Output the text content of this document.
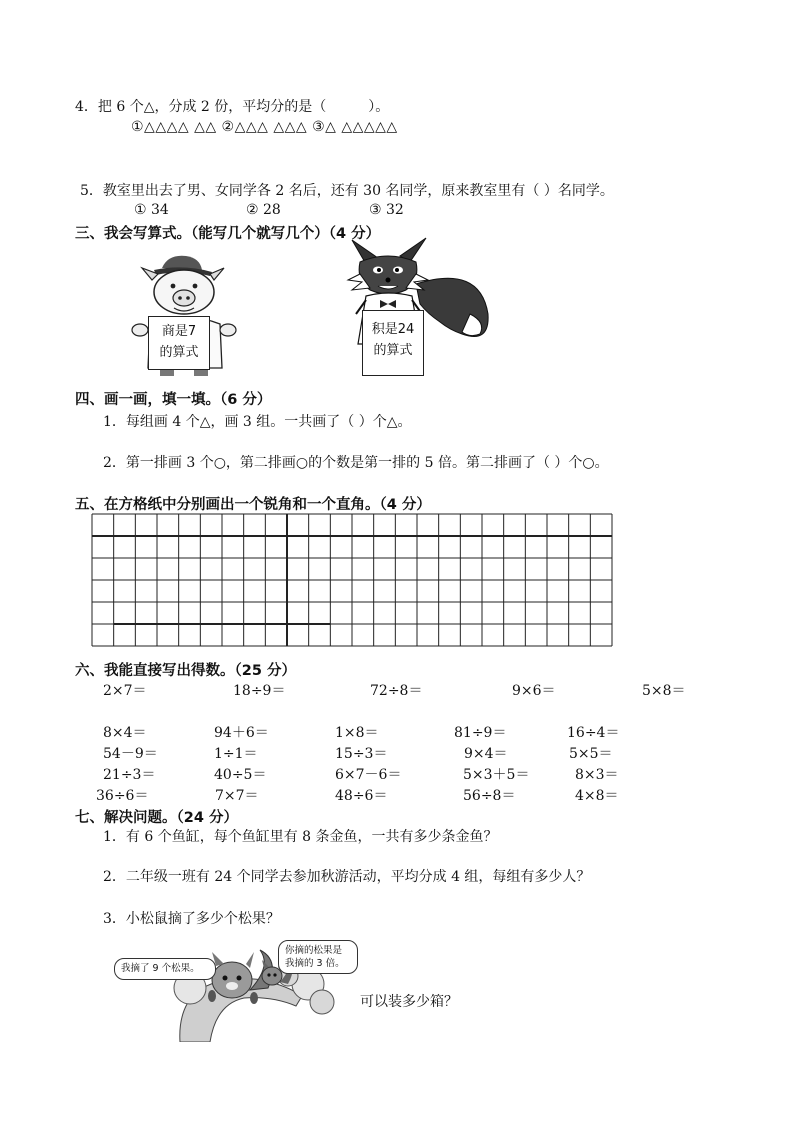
4．把 6 个△，分成 2 份，平均分的是（　　　）。
①△△△△ △△ ②△△△ △△△ ③△ △△△△△
5．教室里出去了男、女同学各 2 名后，还有 30 名同学，原来教室里有（ ）名同学。
① 34	② 28	③ 32
三、我会写算式。（能写几个就写几个）（4 分）
商是7
的算式
积是24
的算式
四、画一画，填一填。（6 分）
1．每组画 4 个△，画 3 组。一共画了（ ）个△。
2．第一排画 3 个○，第二排画○的个数是第一排的 5 倍。第二排画了（ ）个○。
五、在方格纸中分别画出一个锐角和一个直角。（4 分）
六、我能直接写出得数。（25 分）
2×7＝	18÷9＝	72÷8＝	9×6＝	5×8＝
8×4＝	94＋6＝	1×8＝	81÷9＝	16÷4＝
54－9＝	1÷1＝	15÷3＝	9×4＝	5×5＝
21÷3＝	40÷5＝	6×7－6＝	5×3＋5＝	8×3＝
36÷6＝	7×7＝	48÷6＝	56÷8＝	4×8＝
七、解决问题。（24 分）
1．有 6 个鱼缸，每个鱼缸里有 8 条金鱼，一共有多少条金鱼？
2．二年级一班有 24 个同学去参加秋游活动，平均分成 4 组，每组有多少人？
3．小松鼠摘了多少个松果？
我摘了 9 个松果。
你摘的松果是我摘的 3 倍。
可以装多少箱？
